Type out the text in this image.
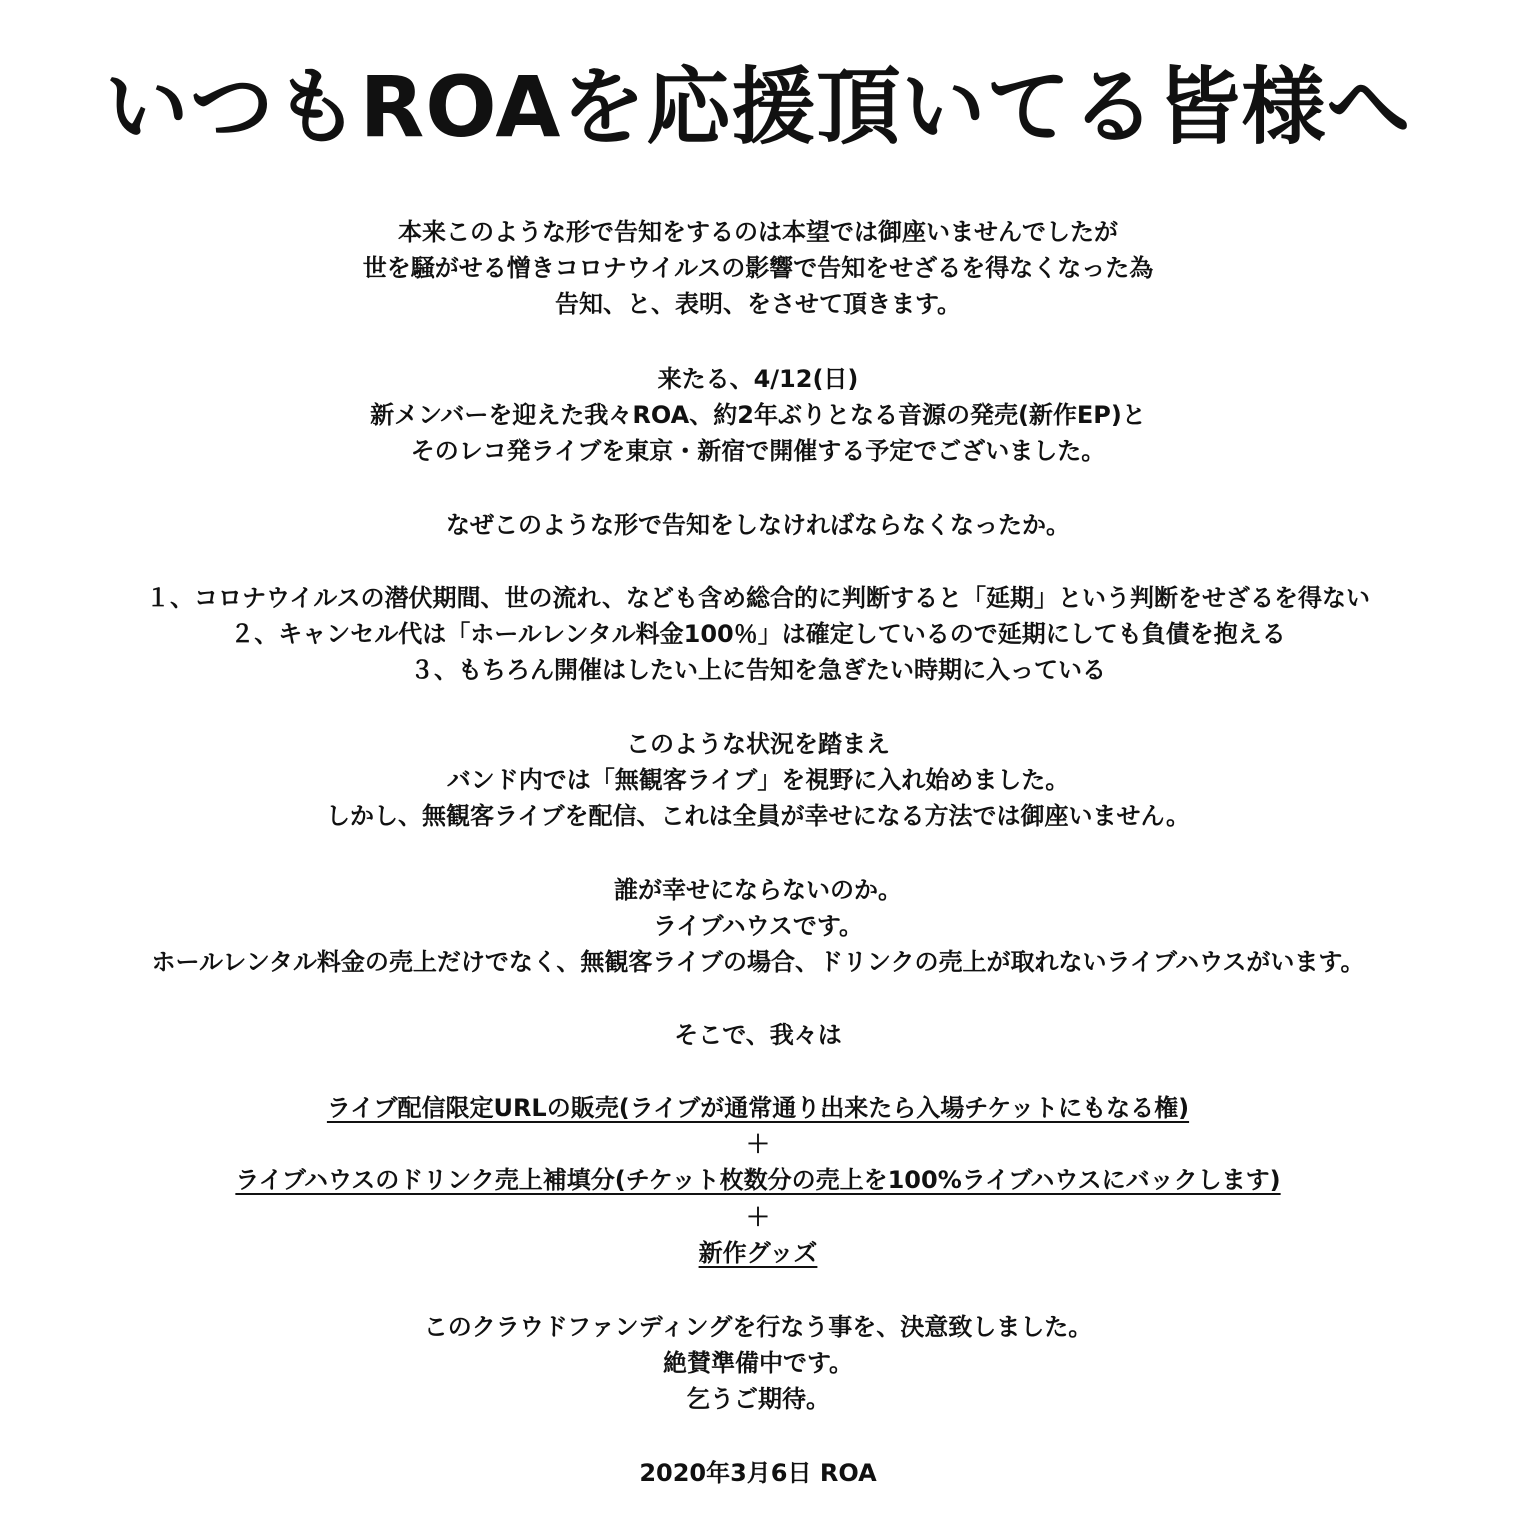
いつもROAを応援頂いてる皆様へ

本来このような形で告知をするのは本望では御座いませんでしたが

世を騒がせる憎きコロナウイルスの影響で告知をせざるを得なくなった為

告知、と、表明、をさせて頂きます。

来たる、4/12(日)

新メンバーを迎えた我々ROA、約2年ぶりとなる音源の発売(新作EP)と

そのレコ発ライブを東京・新宿で開催する予定でございました。

なぜこのような形で告知をしなければならなくなったか。

１、コロナウイルスの潜伏期間、世の流れ、なども含め総合的に判断すると「延期」という判断をせざるを得ない

２、キャンセル代は「ホールレンタル料金100％」は確定しているので延期にしても負債を抱える

３、もちろん開催はしたい上に告知を急ぎたい時期に入っている

このような状況を踏まえ

バンド内では「無観客ライブ」を視野に入れ始めました。

しかし、無観客ライブを配信、これは全員が幸せになる方法では御座いません。

誰が幸せにならないのか。

ライブハウスです。

ホールレンタル料金の売上だけでなく、無観客ライブの場合、ドリンクの売上が取れないライブハウスがいます。

そこで、我々は

ライブ配信限定URLの販売(ライブが通常通り出来たら入場チケットにもなる権)

＋

ライブハウスのドリンク売上補填分(チケット枚数分の売上を100%ライブハウスにバックします)

＋

新作グッズ

このクラウドファンディングを行なう事を、決意致しました。

絶賛準備中です。

乞うご期待。

2020年3月6日 ROA
